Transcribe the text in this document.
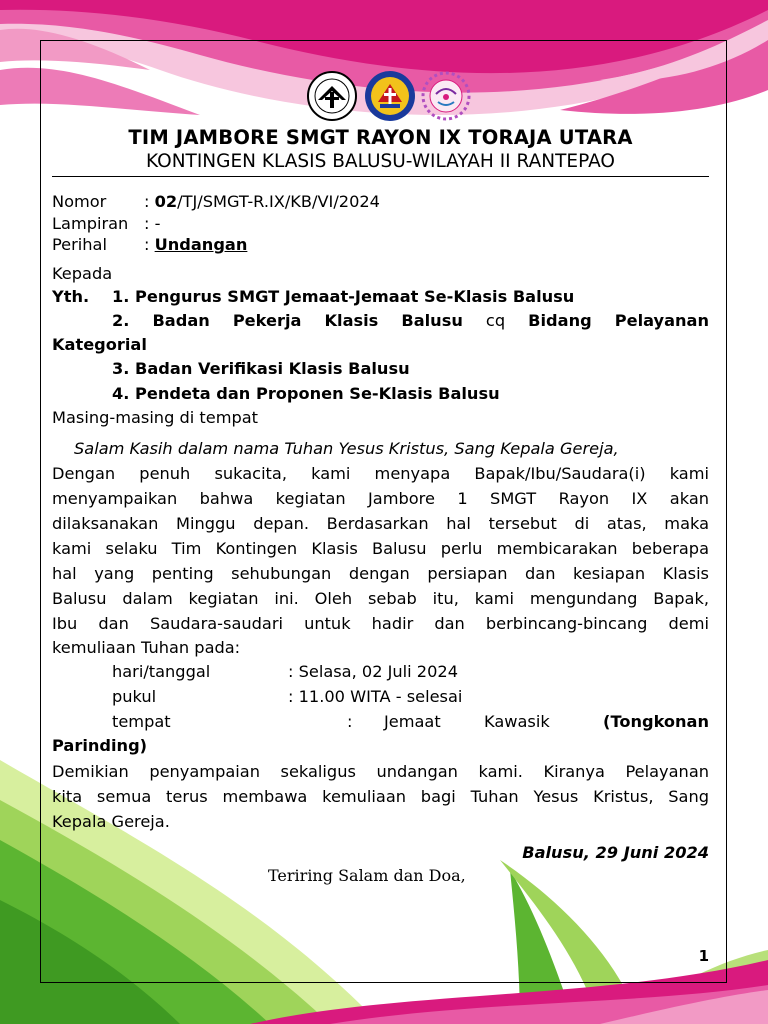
TIM JAMBORE SMGT RAYON IX TORAJA UTARA
KONTINGEN KLASIS BALUSU-WILAYAH II RANTEPAO
Nomor : 02/TJ/SMGT-R.IX/KB/VI/2024
Lampiran : -
Perihal : Undangan
Kepada
Yth. 1. Pengurus SMGT Jemaat-Jemaat Se-Klasis Balusu
2. Badan Pekerja Klasis Balusu cq Bidang Pelayanan
Kategorial
3. Badan Verifikasi Klasis Balusu
4. Pendeta dan Proponen Se-Klasis Balusu
Masing-masing di tempat
Salam Kasih dalam nama Tuhan Yesus Kristus, Sang Kepala Gereja,
Dengan penuh sukacita, kami menyapa Bapak/Ibu/Saudara(i) kami
menyampaikan bahwa kegiatan Jambore 1 SMGT Rayon IX akan
dilaksanakan Minggu depan. Berdasarkan hal tersebut di atas, maka
kami selaku Tim Kontingen Klasis Balusu perlu membicarakan beberapa
hal yang penting sehubungan dengan persiapan dan kesiapan Klasis
Balusu dalam kegiatan ini. Oleh sebab itu, kami mengundang Bapak,
Ibu dan Saudara-saudari untuk hadir dan berbincang-bincang demi
kemuliaan Tuhan pada:
hari/tanggal	: Selasa, 02 Juli 2024
pukul	: 11.00 WITA - selesai
tempat	: Jemaat	Kawasik	(Tongkonan
Parinding)
Demikian penyampaian sekaligus undangan kami. Kiranya Pelayanan
kita semua terus membawa kemuliaan bagi Tuhan Yesus Kristus, Sang
Kepala Gereja.
Balusu, 29 Juni 2024
Teriring Salam dan Doa,
1
